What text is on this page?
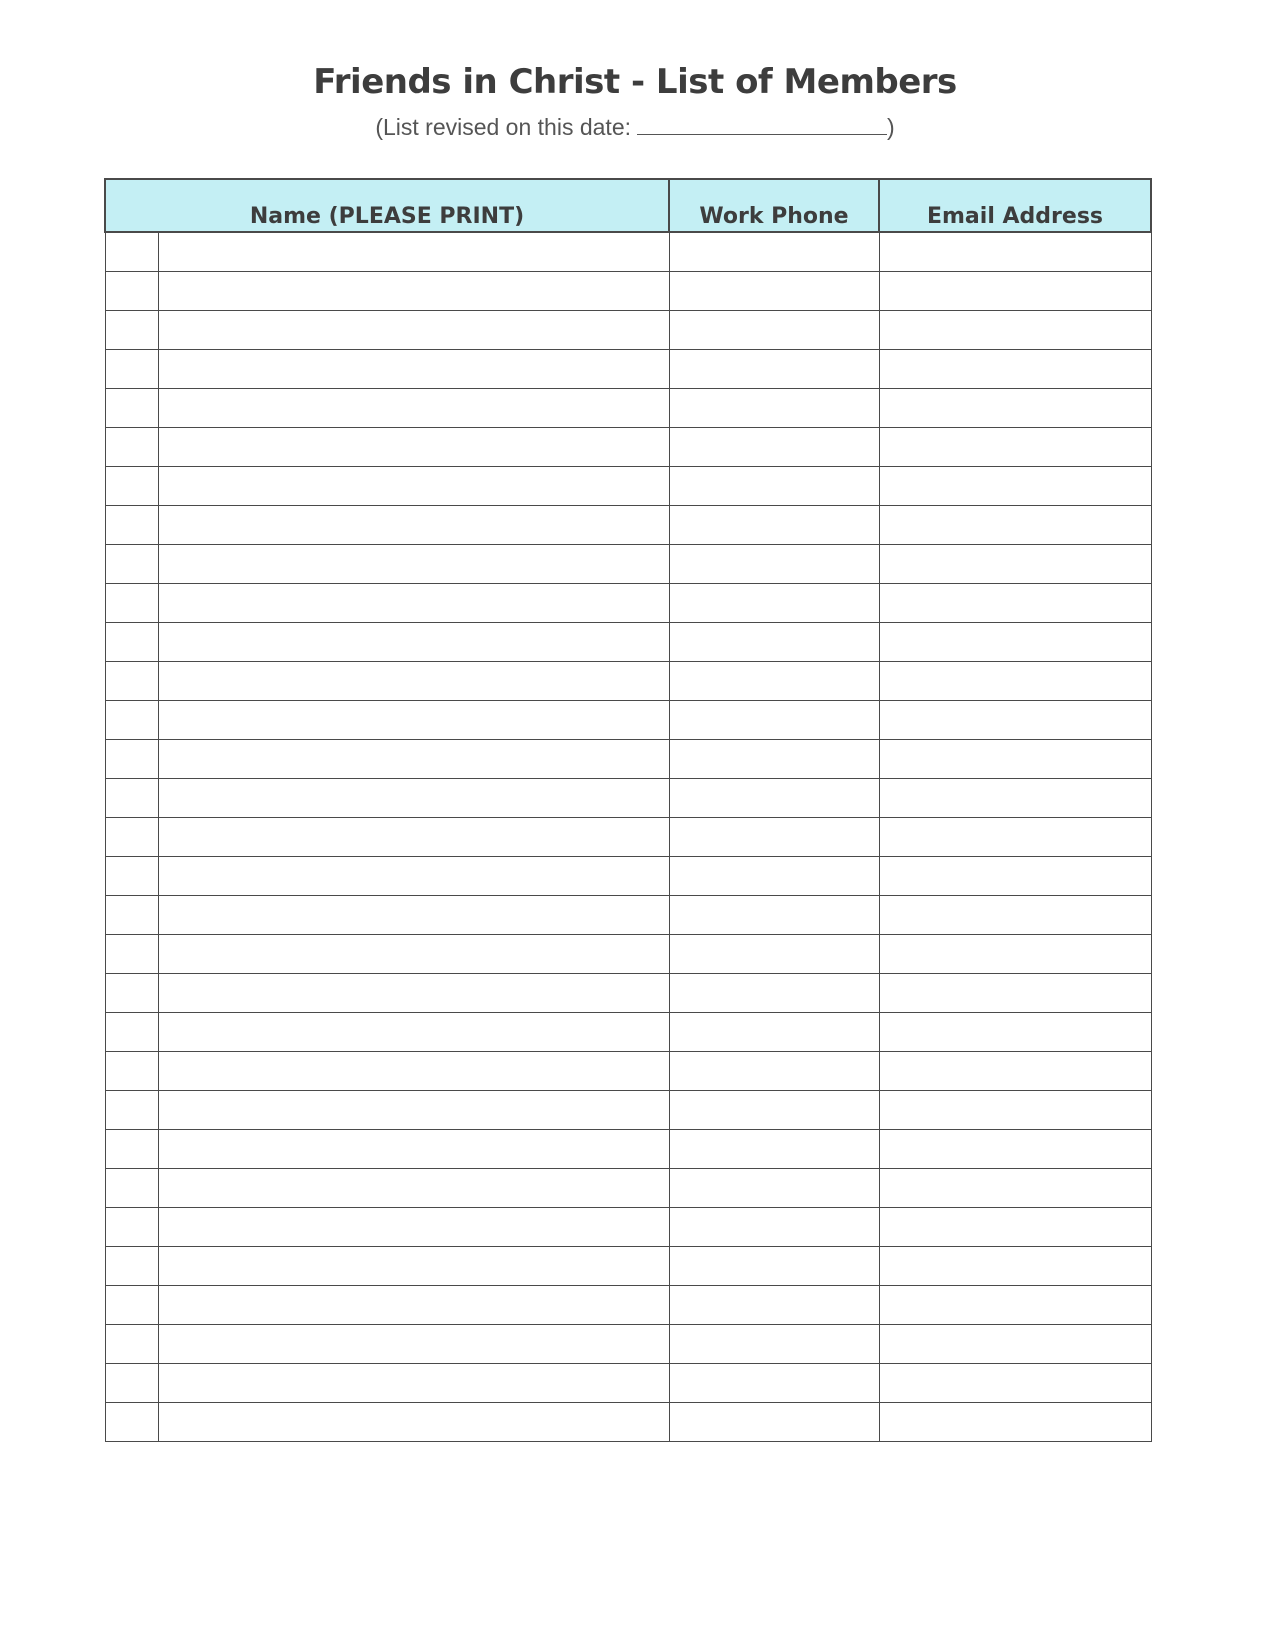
Friends in Christ - List of Members
(List revised on this date:	)
Name (PLEASE PRINT)		Work Phone	Email Address
